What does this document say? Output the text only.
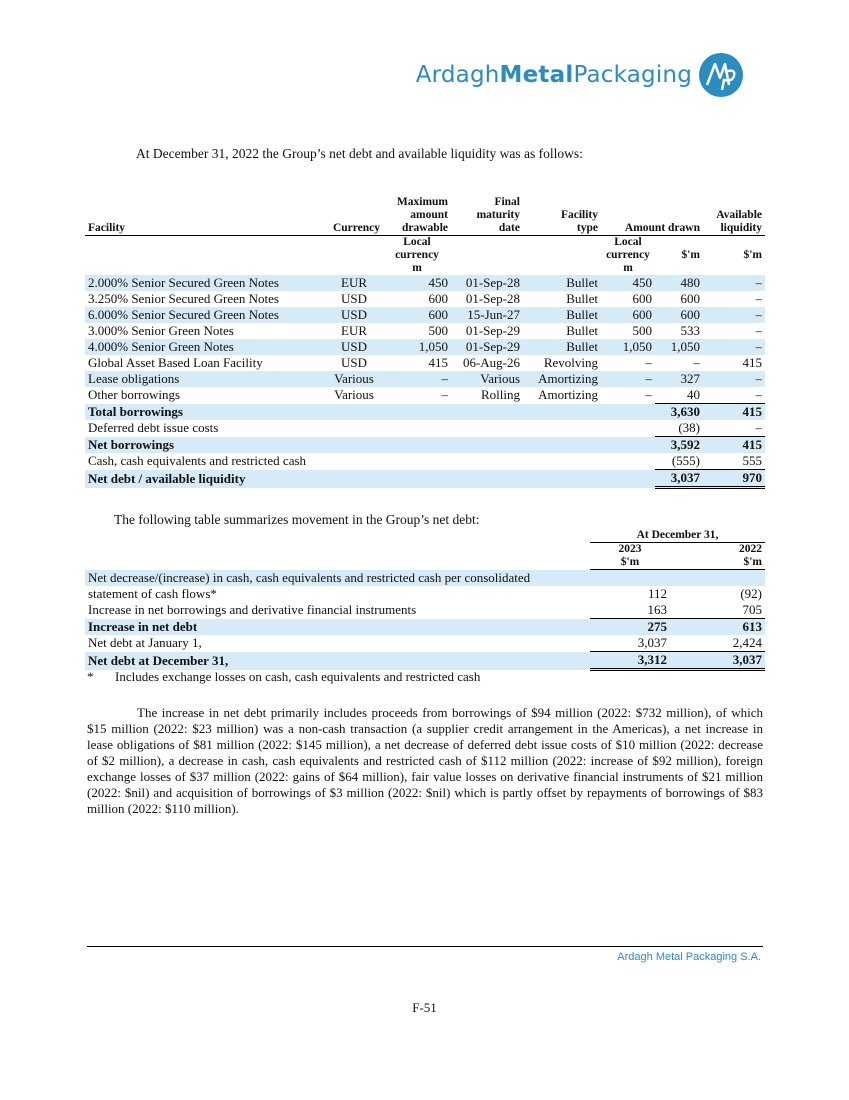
ArdaghMetalPackaging
At December 31, 2022 the Group’s net debt and available liquidity was as follows:
		Maximum	Final				
		amount	maturity	Facility			Available
Facility	Currency	drawable	date	type	Amount drawn		liquidity
		Local			Local		
		currency			currency	$'m	$'m
		m			m		
2.000% Senior Secured Green Notes	EUR	450	01-Sep-28	Bullet	450	480	–
3.250% Senior Secured Green Notes	USD	600	01-Sep-28	Bullet	600	600	–
6.000% Senior Secured Green Notes	USD	600	15-Jun-27	Bullet	600	600	–
3.000% Senior Green Notes	EUR	500	01-Sep-29	Bullet	500	533	–
4.000% Senior Green Notes	USD	1,050	01-Sep-29	Bullet	1,050	1,050	–
Global Asset Based Loan Facility	USD	415	06-Aug-26	Revolving	–	–	415
Lease obligations	Various	–	Various	Amortizing	–	327	–
Other borrowings	Various	–	Rolling	Amortizing	–	40	–
Total borrowings						3,630	415
Deferred debt issue costs						(38)	–
Net borrowings						3,592	415
Cash, cash equivalents and restricted cash						(555)	555
Net debt / available liquidity						3,037	970
The following table summarizes movement in the Group’s net debt:
	At December 31,	
	2023	2022
	$'m	$'m
Net decrease/(increase) in cash, cash equivalents and restricted cash per consolidated		
statement of cash flows*	112	(92)
Increase in net borrowings and derivative financial instruments	163	705
Increase in net debt	275	613
Net debt at January 1,	3,037	2,424
Net debt at December 31,	3,312	3,037
* Includes exchange losses on cash, cash equivalents and restricted cash
The increase in net debt primarily includes proceeds from borrowings of $94 million (2022: $732 million), of which $15 million (2022: $23 million) was a non-cash transaction (a supplier credit arrangement in the Americas), a net increase in lease obligations of $81 million (2022: $145 million), a net decrease of deferred debt issue costs of $10 million (2022: decrease of $2 million), a decrease in cash, cash equivalents and restricted cash of $112 million (2022: increase of $92 million), foreign exchange losses of $37 million (2022: gains of $64 million), fair value losses on derivative financial instruments of $21 million (2022: $nil) and acquisition of borrowings of $3 million (2022: $nil) which is partly offset by repayments of borrowings of $83 million (2022: $110 million).
Ardagh Metal Packaging S.A.
F-51
